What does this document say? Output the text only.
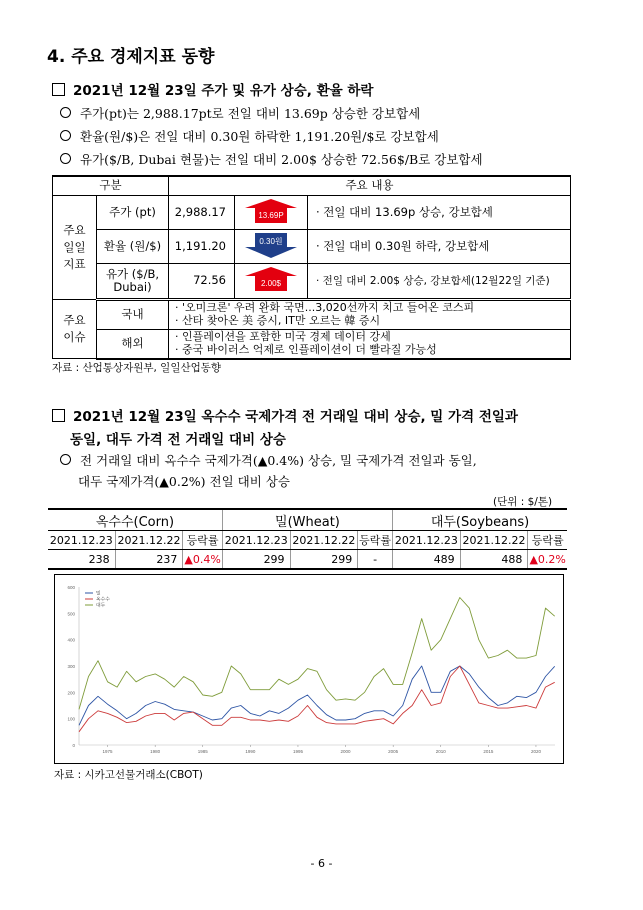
4. 주요 경제지표 동향
2021년 12월 23일 주가 및 유가 상승, 환율 하락
주가(pt)는 2,988.17pt로 전일 대비 13.69p 상승한 강보합세
환율(원/$)은 전일 대비 0.30원 하락한 1,191.20원/$로 강보합세
유가($/B, Dubai 현물)는 전일 대비 2.00$ 상승한 72.56$/B로 강보합세
구분		주요 내용		
주요 일일 지표	주가 (pt)	2,988.17	13.69P	· 전일 대비 13.69p 상승, 강보합세
	환율 (원/$)	1,191.20	0.30원	· 전일 대비 0.30원 하락, 강보합세
	유가 ($/B, Dubai)	72.56	2.00$	· 전일 대비 2.00$ 상승, 강보합세(12월22일 기준)
주요 이슈	국내	· '오미크론' 우려 완화 국면...3,020선까지 치고 들어온 코스피
· 산타 찾아온 美 증시, IT만 오르는 韓 증시		

	해외	· 인플레이션을 포함한 미국 경제 데이터 강세
· 중국 바이러스 억제로 인플레이션이 더 빨라질 가능성		
자료 : 산업통상자원부, 일일산업동향
2021년 12월 23일 옥수수 국제가격 전 거래일 대비 상승, 밀 가격 전일과
동일, 대두 가격 전 거래일 대비 상승
전 거래일 대비 옥수수 국제가격(▲0.4%) 상승, 밀 국제가격 전일과 동일,
대두 국제가격(▲0.2%) 전일 대비 상승
(단위 : $/톤)
옥수수(Corn)			밀(Wheat)			대두(Soybeans)		
2021.12.23	2021.12.22	등락률	2021.12.23	2021.12.22	등락률	2021.12.23	2021.12.22	등락률
238	237	▲0.4%	299	299	-	489	488	▲0.2%
0
100
200
300
400
500
600
1975	1980	1985	1990	1995	2000	2005	2010	2015	2020
밀
옥수수
대두
자료 : 시카고선물거래소(CBOT)
- 6 -
